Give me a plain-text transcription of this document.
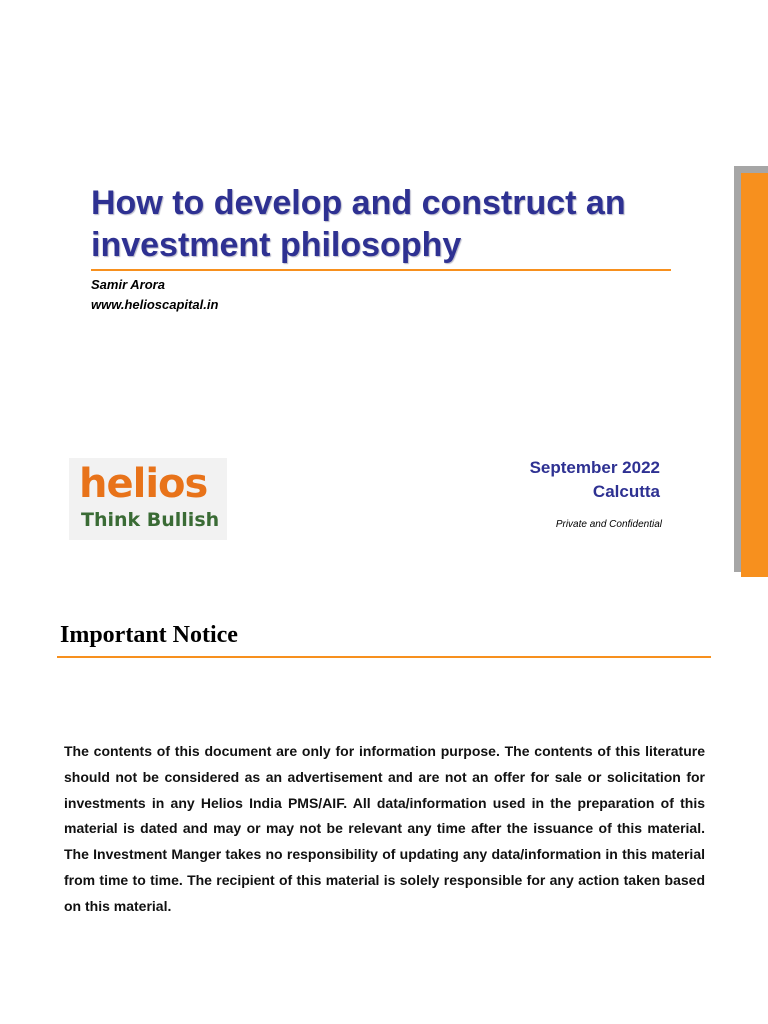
How to develop and construct an investment philosophy
Samir Arora
www.helioscapital.in
helios
Think Bullish
September 2022
Calcutta
Private and Confidential
Important Notice

The contents of this document are only for information purpose. The contents of this literature should not be considered as an advertisement and are not an offer for sale or solicitation for investments in any Helios India PMS/AIF. All data/information used in the preparation of this material is dated and may or may not be relevant any time after the issuance of this material. The Investment Manger takes no responsibility of updating any data/information in this material from time to time. The recipient of this material is solely responsible for any action taken based on this material.
